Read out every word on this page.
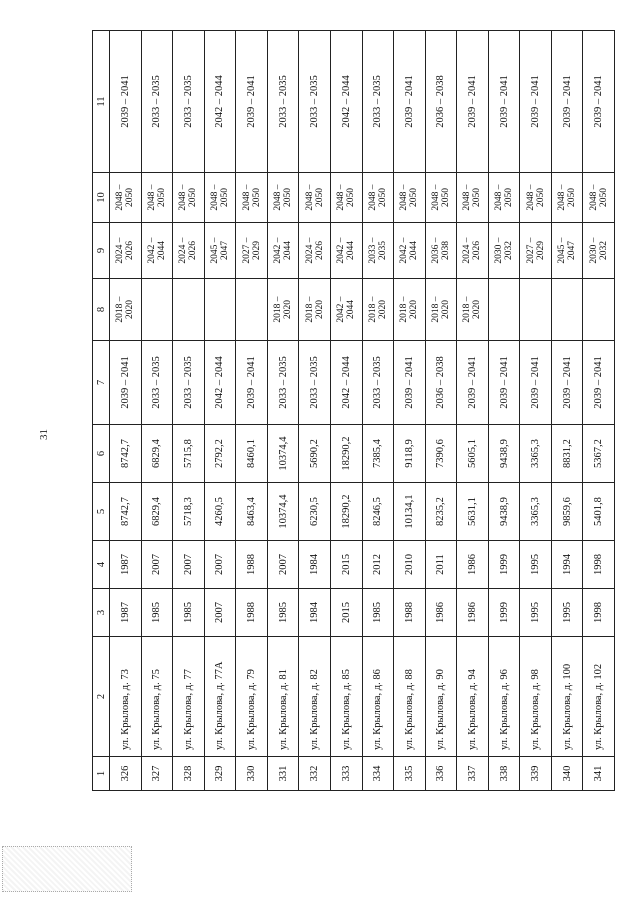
31
1	2	3	4	5	6	7	8	9	10	11
326	ул. Крылова, д. 73	1987	1987	8742,7	8742,7	2039 – 2041	2018 – 2020	2024 – 2026	2048 – 2050	2039 – 2041
327	ул. Крылова, д. 75	1985	2007	6829,4	6829,4	2033 – 2035		2042 – 2044	2048 – 2050	2033 – 2035
328	ул. Крылова, д. 77	1985	2007	5718,3	5715,8	2033 – 2035		2024 – 2026	2048 – 2050	2033 – 2035
329	ул. Крылова, д. 77А	2007	2007	4260,5	2792,2	2042 – 2044		2045 – 2047	2048 – 2050	2042 – 2044
330	ул. Крылова, д. 79	1988	1988	8463,4	8460,1	2039 – 2041		2027 – 2029	2048 – 2050	2039 – 2041
331	ул. Крылова, д. 81	1985	2007	10374,4	10374,4	2033 – 2035	2018 – 2020	2042 – 2044	2048 – 2050	2033 – 2035
332	ул. Крылова, д. 82	1984	1984	6230,5	5690,2	2033 – 2035	2018 – 2020	2024 – 2026	2048 – 2050	2033 – 2035
333	ул. Крылова, д. 85	2015	2015	18290,2	18290,2	2042 – 2044	2042 – 2044	2042 – 2044	2048 – 2050	2042 – 2044
334	ул. Крылова, д. 86	1985	2012	8246,5	7385,4	2033 – 2035	2018 – 2020	2033 – 2035	2048 – 2050	2033 – 2035
335	ул. Крылова, д. 88	1988	2010	10134,1	9118,9	2039 – 2041	2018 – 2020	2042 – 2044	2048 – 2050	2039 – 2041
336	ул. Крылова, д. 90	1986	2011	8235,2	7390,6	2036 – 2038	2018 – 2020	2036 – 2038	2048 – 2050	2036 – 2038
337	ул. Крылова, д. 94	1986	1986	5631,1	5605,1	2039 – 2041	2018 – 2020	2024 – 2026	2048 – 2050	2039 – 2041
338	ул. Крылова, д. 96	1999	1999	9438,9	9438,9	2039 – 2041		2030 – 2032	2048 – 2050	2039 – 2041
339	ул. Крылова, д. 98	1995	1995	3365,3	3365,3	2039 – 2041		2027 – 2029	2048 – 2050	2039 – 2041
340	ул. Крылова, д. 100	1995	1994	9859,6	8831,2	2039 – 2041		2045 – 2047	2048 – 2050	2039 – 2041
341	ул. Крылова, д. 102	1998	1998	5401,8	5367,2	2039 – 2041		2030 – 2032	2048 – 2050	2039 – 2041
